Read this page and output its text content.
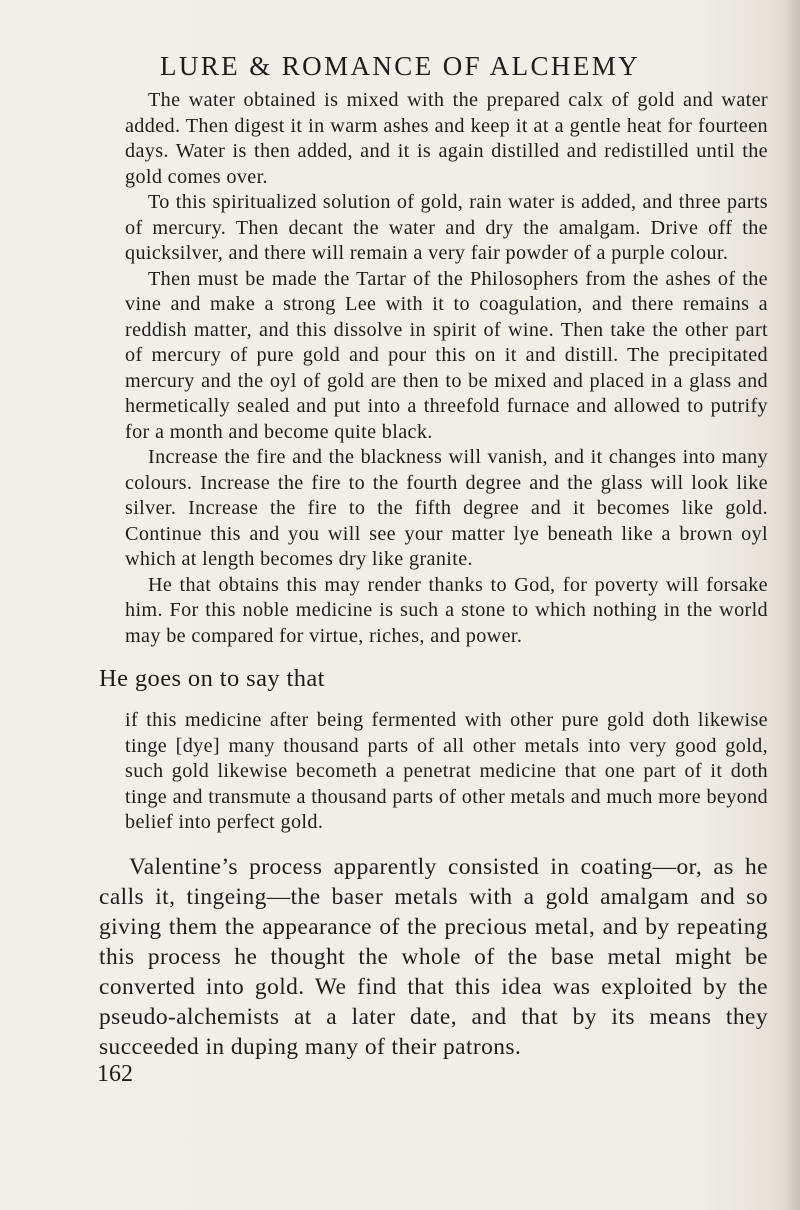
LURE & ROMANCE OF ALCHEMY

The water obtained is mixed with the prepared calx of gold and water added. Then digest it in warm ashes and keep it at a gentle heat for fourteen days. Water is then added, and it is again distilled and redistilled until the gold comes over.

To this spiritualized solution of gold, rain water is added, and three parts of mercury. Then decant the water and dry the amalgam. Drive off the quicksilver, and there will remain a very fair powder of a purple colour.

Then must be made the Tartar of the Philosophers from the ashes of the vine and make a strong Lee with it to coagulation, and there remains a reddish matter, and this dissolve in spirit of wine. Then take the other part of mercury of pure gold and pour this on it and distill. The precipitated mercury and the oyl of gold are then to be mixed and placed in a glass and hermetically sealed and put into a threefold furnace and allowed to putrify for a month and become quite black.

Increase the fire and the blackness will vanish, and it changes into many colours. Increase the fire to the fourth degree and the glass will look like silver. Increase the fire to the fifth degree and it becomes like gold. Continue this and you will see your matter lye beneath like a brown oyl which at length becomes dry like granite.

He that obtains this may render thanks to God, for poverty will forsake him. For this noble medicine is such a stone to which nothing in the world may be compared for virtue, riches, and power.

He goes on to say that

if this medicine after being fermented with other pure gold doth likewise tinge [dye] many thousand parts of all other metals into very good gold, such gold likewise becometh a penetrat medicine that one part of it doth tinge and transmute a thousand parts of other metals and much more beyond belief into perfect gold.

Valentine’s process apparently consisted in coating—or, as he calls it, tingeing—the baser metals with a gold amalgam and so giving them the appearance of the precious metal, and by repeating this process he thought the whole of the base metal might be converted into gold. We find that this idea was exploited by the pseudo-alchemists at a later date, and that by its means they succeeded in duping many of their patrons.

162
